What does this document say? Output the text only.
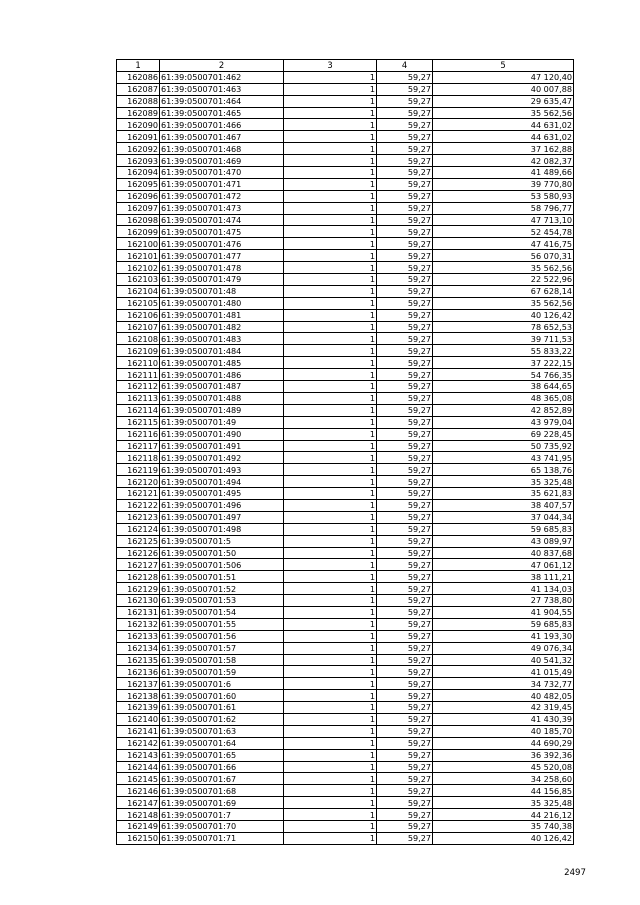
1	2	3	4	5
162086	61:39:0500701:462	1	59,27	47 120,40
162087	61:39:0500701:463	1	59,27	40 007,88
162088	61:39:0500701:464	1	59,27	29 635,47
162089	61:39:0500701:465	1	59,27	35 562,56
162090	61:39:0500701:466	1	59,27	44 631,02
162091	61:39:0500701:467	1	59,27	44 631,02
162092	61:39:0500701:468	1	59,27	37 162,88
162093	61:39:0500701:469	1	59,27	42 082,37
162094	61:39:0500701:470	1	59,27	41 489,66
162095	61:39:0500701:471	1	59,27	39 770,80
162096	61:39:0500701:472	1	59,27	53 580,93
162097	61:39:0500701:473	1	59,27	58 796,77
162098	61:39:0500701:474	1	59,27	47 713,10
162099	61:39:0500701:475	1	59,27	52 454,78
162100	61:39:0500701:476	1	59,27	47 416,75
162101	61:39:0500701:477	1	59,27	56 070,31
162102	61:39:0500701:478	1	59,27	35 562,56
162103	61:39:0500701:479	1	59,27	22 522,96
162104	61:39:0500701:48	1	59,27	67 628,14
162105	61:39:0500701:480	1	59,27	35 562,56
162106	61:39:0500701:481	1	59,27	40 126,42
162107	61:39:0500701:482	1	59,27	78 652,53
162108	61:39:0500701:483	1	59,27	39 711,53
162109	61:39:0500701:484	1	59,27	55 833,22
162110	61:39:0500701:485	1	59,27	37 222,15
162111	61:39:0500701:486	1	59,27	54 766,35
162112	61:39:0500701:487	1	59,27	38 644,65
162113	61:39:0500701:488	1	59,27	48 365,08
162114	61:39:0500701:489	1	59,27	42 852,89
162115	61:39:0500701:49	1	59,27	43 979,04
162116	61:39:0500701:490	1	59,27	69 228,45
162117	61:39:0500701:491	1	59,27	50 735,92
162118	61:39:0500701:492	1	59,27	43 741,95
162119	61:39:0500701:493	1	59,27	65 138,76
162120	61:39:0500701:494	1	59,27	35 325,48
162121	61:39:0500701:495	1	59,27	35 621,83
162122	61:39:0500701:496	1	59,27	38 407,57
162123	61:39:0500701:497	1	59,27	37 044,34
162124	61:39:0500701:498	1	59,27	59 685,83
162125	61:39:0500701:5	1	59,27	43 089,97
162126	61:39:0500701:50	1	59,27	40 837,68
162127	61:39:0500701:506	1	59,27	47 061,12
162128	61:39:0500701:51	1	59,27	38 111,21
162129	61:39:0500701:52	1	59,27	41 134,03
162130	61:39:0500701:53	1	59,27	27 738,80
162131	61:39:0500701:54	1	59,27	41 904,55
162132	61:39:0500701:55	1	59,27	59 685,83
162133	61:39:0500701:56	1	59,27	41 193,30
162134	61:39:0500701:57	1	59,27	49 076,34
162135	61:39:0500701:58	1	59,27	40 541,32
162136	61:39:0500701:59	1	59,27	41 015,49
162137	61:39:0500701:6	1	59,27	34 732,77
162138	61:39:0500701:60	1	59,27	40 482,05
162139	61:39:0500701:61	1	59,27	42 319,45
162140	61:39:0500701:62	1	59,27	41 430,39
162141	61:39:0500701:63	1	59,27	40 185,70
162142	61:39:0500701:64	1	59,27	44 690,29
162143	61:39:0500701:65	1	59,27	36 392,36
162144	61:39:0500701:66	1	59,27	45 520,08
162145	61:39:0500701:67	1	59,27	34 258,60
162146	61:39:0500701:68	1	59,27	44 156,85
162147	61:39:0500701:69	1	59,27	35 325,48
162148	61:39:0500701:7	1	59,27	44 216,12
162149	61:39:0500701:70	1	59,27	35 740,38
162150	61:39:0500701:71	1	59,27	40 126,42
2497
